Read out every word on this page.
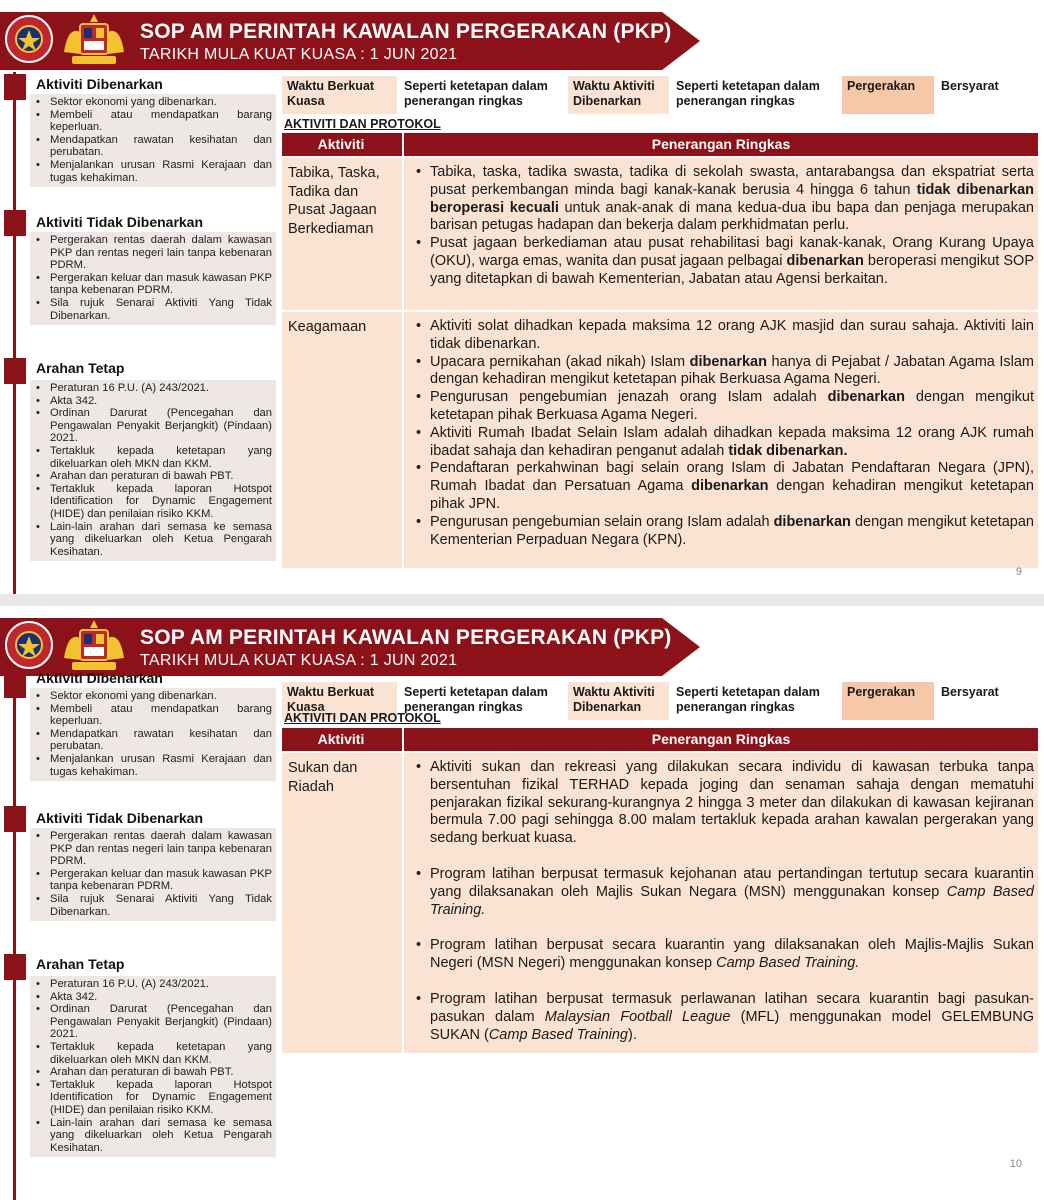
SOP AM PERINTAH KAWALAN PERGERAKAN (PKP)
TARIKH MULA KUAT KUASA : 1 JUN 2021
Aktiviti Dibenarkan
• Sektor ekonomi yang dibenarkan.
• Membeli atau mendapatkan barang keperluan.
• Mendapatkan rawatan kesihatan dan perubatan.
• Menjalankan urusan Rasmi Kerajaan dan tugas kehakiman.
Aktiviti Tidak Dibenarkan
• Pergerakan rentas daerah dalam kawasan PKP dan rentas negeri lain tanpa kebenaran PDRM.
• Pergerakan keluar dan masuk kawasan PKP tanpa kebenaran PDRM.
• Sila rujuk Senarai Aktiviti Yang Tidak Dibenarkan.
Arahan Tetap
• Peraturan 16 P.U. (A) 243/2021.
• Akta 342.
• Ordinan Darurat (Pencegahan dan Pengawalan Penyakit Berjangkit) (Pindaan) 2021.
• Tertakluk kepada ketetapan yang dikeluarkan oleh MKN dan KKM.
• Arahan dan peraturan di bawah PBT.
• Tertakluk kepada laporan Hotspot Identification for Dynamic Engagement (HIDE) dan penilaian risiko KKM.
• Lain-lain arahan dari semasa ke semasa yang dikeluarkan oleh Ketua Pengarah Kesihatan.
Waktu Berkuat Kuasa
Seperti ketetapan dalam penerangan ringkas
Waktu Aktiviti Dibenarkan
Seperti ketetapan dalam penerangan ringkas
Pergerakan	Bersyarat
AKTIVITI DAN PROTOKOL
Aktiviti	Penerangan Ringkas
Tabika, Taska, Tadika dan Pusat Jagaan Berkediaman
• Tabika, taska, tadika swasta, tadika di sekolah swasta, antarabangsa dan ekspatriat serta pusat perkembangan minda bagi kanak-kanak berusia 4 hingga 6 tahun tidak dibenarkan beroperasi kecuali untuk anak-anak di mana kedua-dua ibu bapa dan penjaga merupakan barisan petugas hadapan dan bekerja dalam perkhidmatan perlu.
• Pusat jagaan berkediaman atau pusat rehabilitasi bagi kanak-kanak, Orang Kurang Upaya (OKU), warga emas, wanita dan pusat jagaan pelbagai dibenarkan beroperasi mengikut SOP yang ditetapkan di bawah Kementerian, Jabatan atau Agensi berkaitan.
Keagamaan
•	Aktiviti solat dihadkan kepada maksima 12 orang AJK masjid dan surau sahaja. Aktiviti lain tidak dibenarkan.
• Upacara pernikahan (akad nikah) Islam dibenarkan hanya di Pejabat / Jabatan Agama Islam dengan kehadiran mengikut ketetapan pihak Berkuasa Agama Negeri.
• Pengurusan pengebumian jenazah orang Islam adalah dibenarkan dengan mengikut ketetapan pihak Berkuasa Agama Negeri.
• Aktiviti Rumah Ibadat Selain Islam adalah dihadkan kepada maksima 12 orang AJK rumah ibadat sahaja dan kehadiran penganut adalah tidak dibenarkan.
• Pendaftaran perkahwinan bagi selain orang Islam di Jabatan Pendaftaran Negara (JPN), Rumah Ibadat dan Persatuan Agama dibenarkan dengan kehadiran mengikut ketetapan pihak JPN.
• Pengurusan pengebumian selain orang Islam adalah dibenarkan dengan mengikut ketetapan Kementerian Perpaduan Negara (KPN).
9
SOP AM PERINTAH KAWALAN PERGERAKAN (PKP)
TARIKH MULA KUAT KUASA : 1 JUN 2021
Aktiviti Dibenarkan
• Sektor ekonomi yang dibenarkan.
• Membeli atau mendapatkan barang keperluan.
• Mendapatkan rawatan kesihatan dan perubatan.
• Menjalankan urusan Rasmi Kerajaan dan tugas kehakiman.
Aktiviti Tidak Dibenarkan
• Pergerakan rentas daerah dalam kawasan PKP dan rentas negeri lain tanpa kebenaran PDRM.
• Pergerakan keluar dan masuk kawasan PKP tanpa kebenaran PDRM.
• Sila rujuk Senarai Aktiviti Yang Tidak Dibenarkan.
Arahan Tetap
• Peraturan 16 P.U. (A) 243/2021.
• Akta 342.
• Ordinan Darurat (Pencegahan dan Pengawalan Penyakit Berjangkit) (Pindaan) 2021.
• Tertakluk kepada ketetapan yang dikeluarkan oleh MKN dan KKM.
• Arahan dan peraturan di bawah PBT.
• Tertakluk kepada laporan Hotspot Identification for Dynamic Engagement (HIDE) dan penilaian risiko KKM.
• Lain-lain arahan dari semasa ke semasa yang dikeluarkan oleh Ketua Pengarah Kesihatan.
Waktu Berkuat Kuasa
Seperti ketetapan dalam penerangan ringkas
Waktu Aktiviti Dibenarkan
Seperti ketetapan dalam penerangan ringkas
Pergerakan	Bersyarat
AKTIVITI DAN PROTOKOL
Aktiviti	Penerangan Ringkas
Sukan dan Riadah
• Aktiviti sukan dan rekreasi yang dilakukan secara individu di kawasan terbuka tanpa bersentuhan fizikal TERHAD kepada joging dan senaman sahaja dengan mematuhi penjarakan fizikal sekurang-kurangnya 2 hingga 3 meter dan dilakukan di kawasan kejiranan bermula 7.00 pagi sehingga 8.00 malam tertakluk kepada arahan kawalan pergerakan yang sedang berkuat kuasa.
• Program latihan berpusat termasuk kejohanan atau pertandingan tertutup secara kuarantin yang dilaksanakan oleh Majlis Sukan Negara (MSN) menggunakan konsep Camp Based Training.
• Program latihan berpusat secara kuarantin yang dilaksanakan oleh Majlis-Majlis Sukan Negeri (MSN Negeri) menggunakan konsep Camp Based Training.
• Program latihan berpusat termasuk perlawanan latihan secara kuarantin bagi pasukan-pasukan dalam Malaysian Football League (MFL) menggunakan model GELEMBUNG SUKAN (Camp Based Training).
10
